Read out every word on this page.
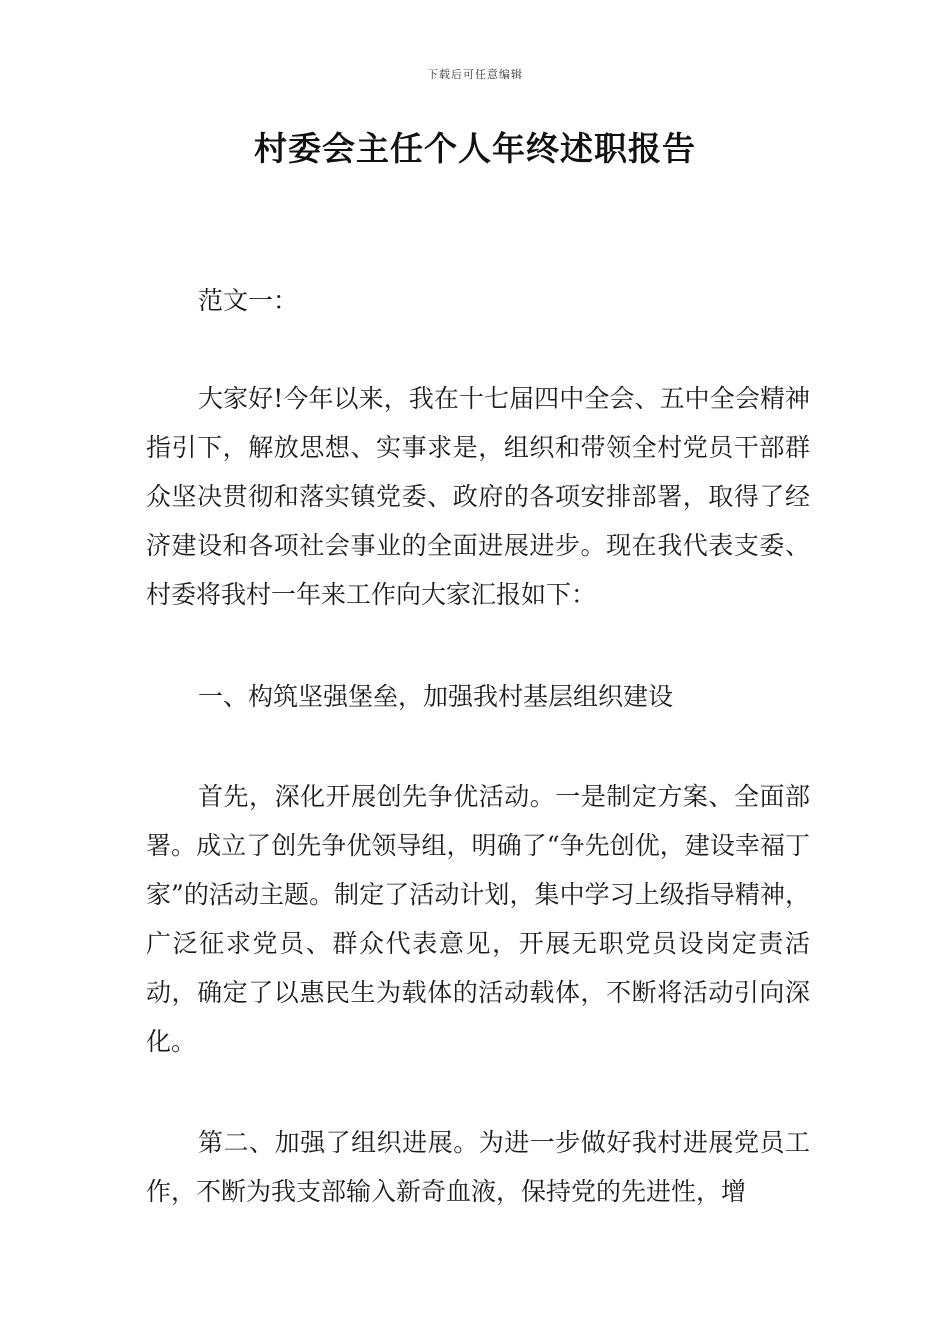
下载后可任意编辑
村委会主任个人年终述职报告

范文一：

大家好!今年以来，我在十七届四中全会、五中全会精神指引下，解放思想、实事求是，组织和带领全村党员干部群众坚决贯彻和落实镇党委、政府的各项安排部署，取得了经济建设和各项社会事业的全面进展进步。现在我代表支委、村委将我村一年来工作向大家汇报如下：

一、构筑坚强堡垒，加强我村基层组织建设

首先，深化开展创先争优活动。一是制定方案、全面部署。成立了创先争优领导组，明确了“争先创优，建设幸福丁家”的活动主题。制定了活动计划，集中学习上级指导精神，广泛征求党员、群众代表意见，开展无职党员设岗定责活动，确定了以惠民生为载体的活动载体，不断将活动引向深化。

第二、加强了组织进展。为进一步做好我村进展党员工作，不断为我支部输入新奇血液，保持党的先进性，增
